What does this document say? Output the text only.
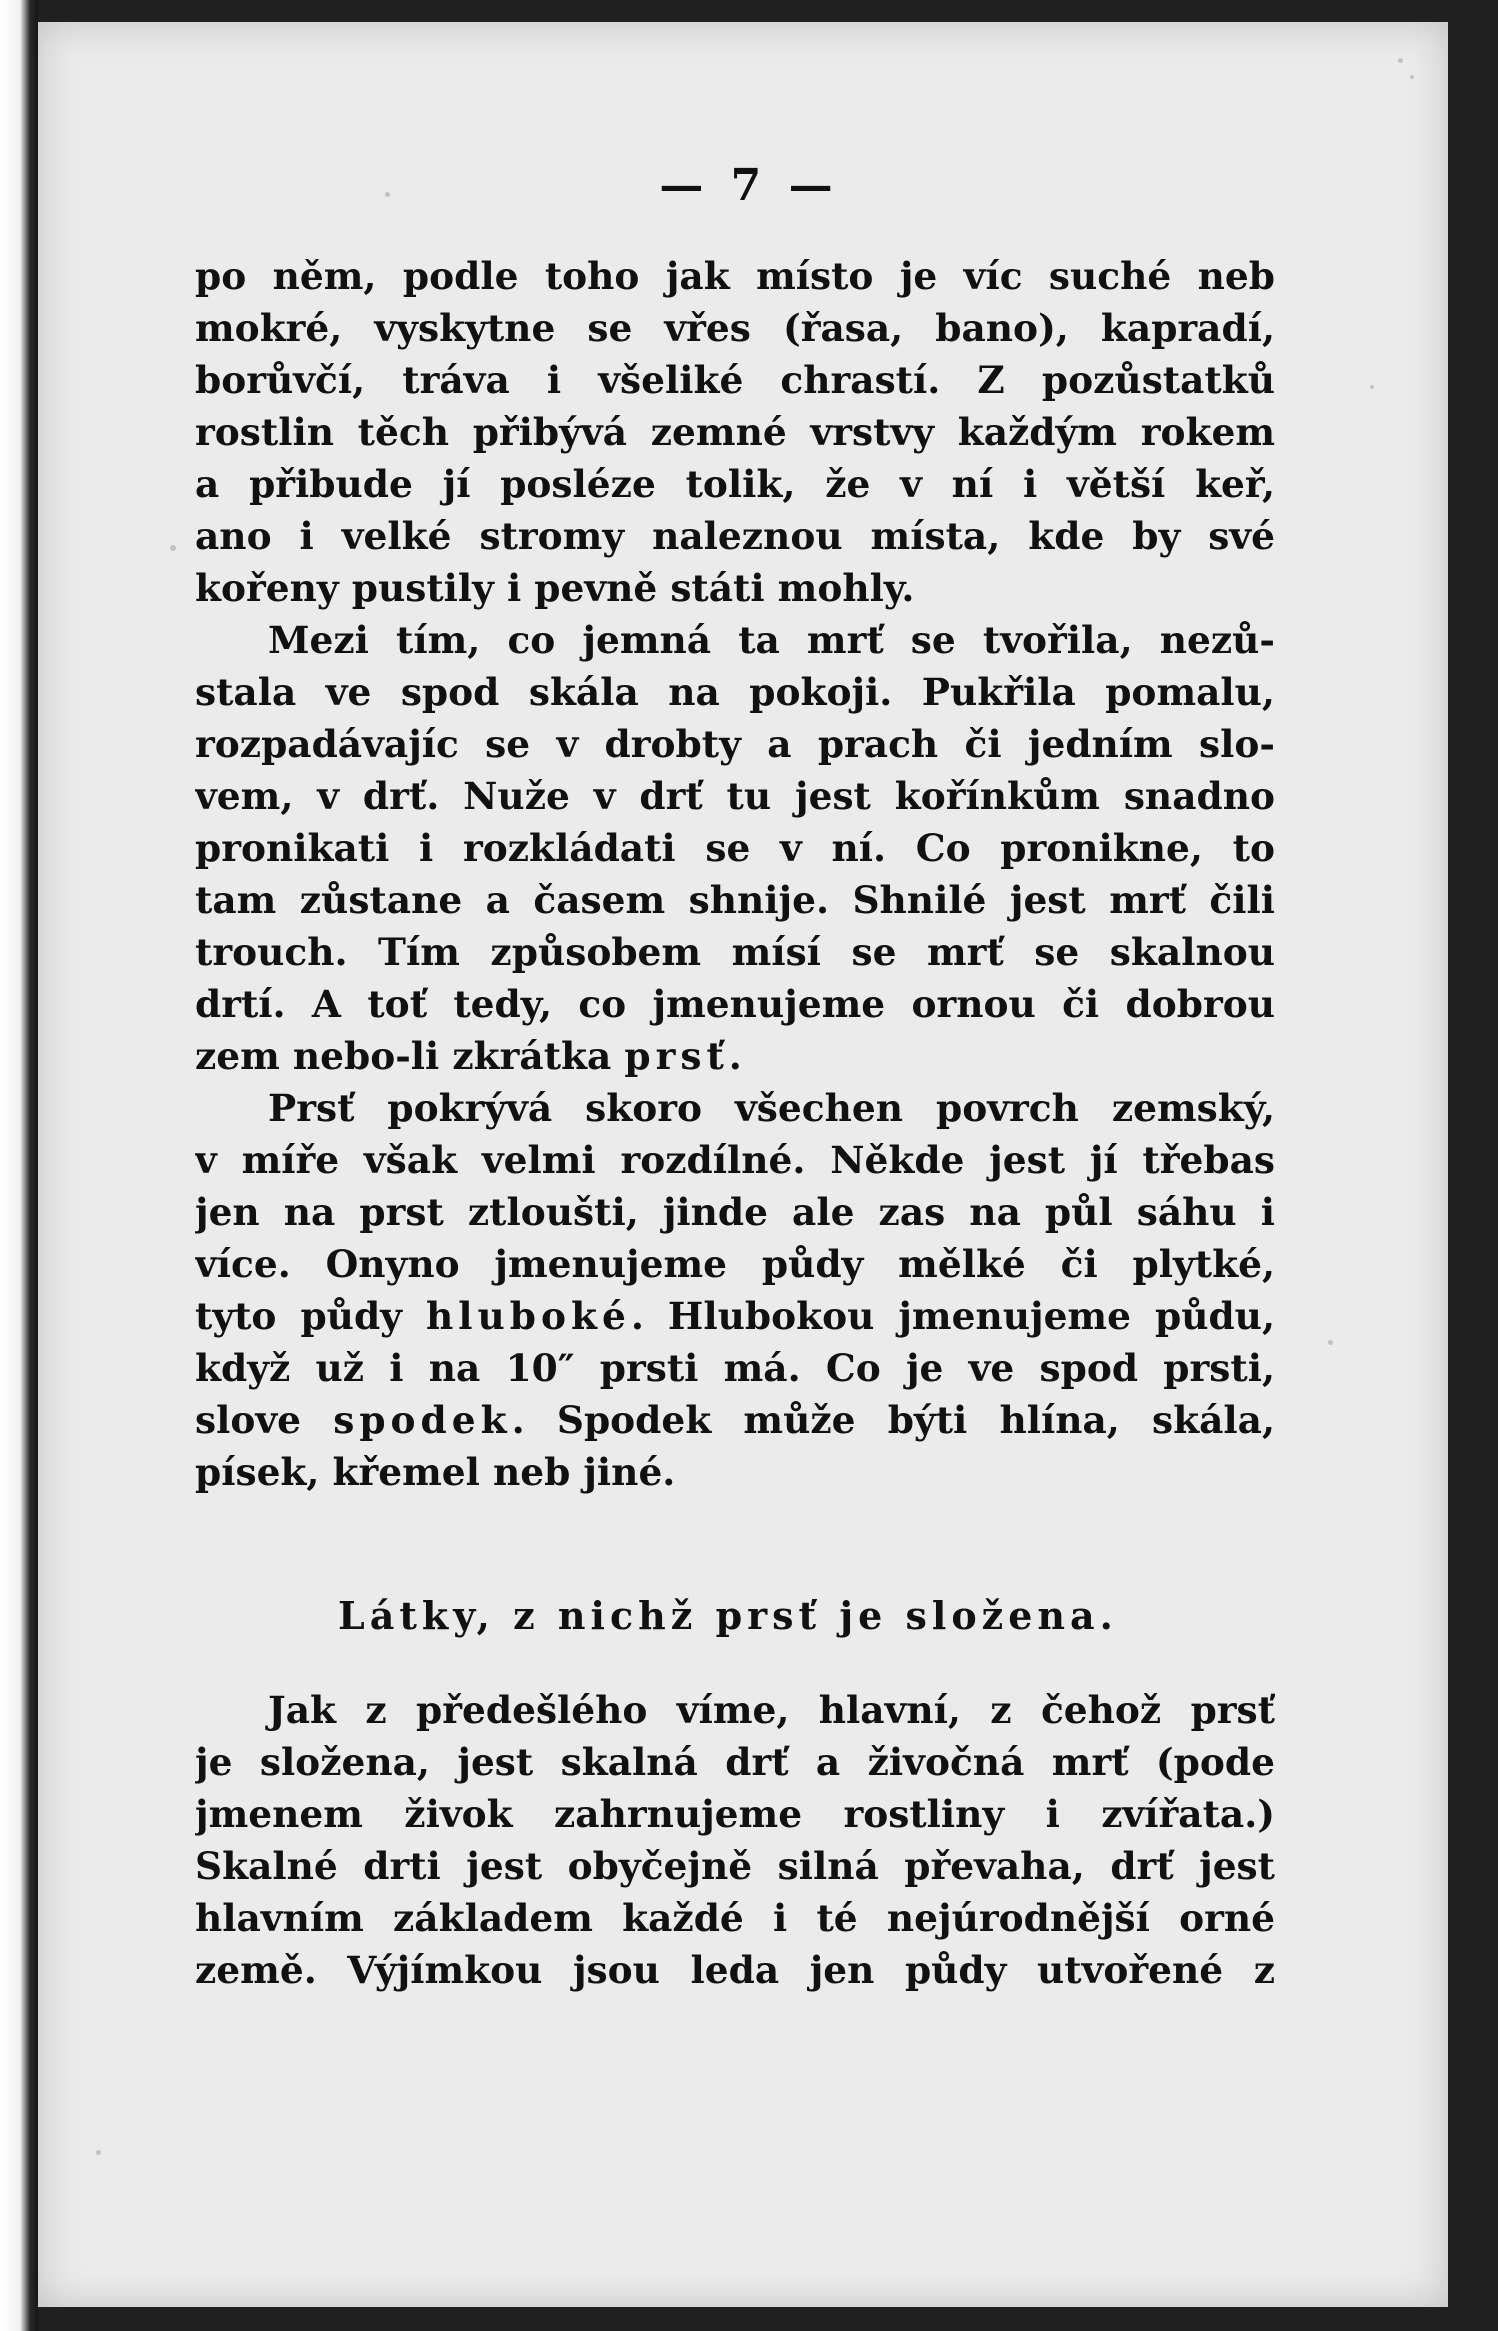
— 7 —
po něm, podle toho jak místo je víc suché neb
mokré, vyskytne se vřes (řasa, bano), kapradí,
borůvčí, tráva i všeliké chrastí. Z pozůstatků
rostlin těch přibývá zemné vrstvy každým rokem
a přibude jí posléze tolik, že v ní i větší keř,
ano i velké stromy naleznou místa, kde by své
kořeny pustily i pevně státi mohly.
Mezi tím, co jemná ta mrť se tvořila, nezů-
stala ve spod skála na pokoji. Pukřila pomalu,
rozpadávajíc se v drobty a prach či jedním slo-
vem, v drť. Nuže v drť tu jest kořínkům snadno
pronikati i rozkládati se v ní. Co pronikne, to
tam zůstane a časem shnije. Shnilé jest mrť čili
trouch. Tím způsobem mísí se mrť se skalnou
drtí. A toť tedy, co jmenujeme ornou či dobrou
zem nebo-li zkrátka prsť.
Prsť pokrývá skoro všechen povrch zemský,
v míře však velmi rozdílné. Někde jest jí třebas
jen na prst ztloušti, jinde ale zas na půl sáhu i
více. Onyno jmenujeme půdy mělké či plytké,
tyto půdy hluboké. Hlubokou jmenujeme půdu,
když už i na 10″ prsti má. Co je ve spod prsti,
slove spodek. Spodek může býti hlína, skála,
písek, křemel neb jiné.
Látky, z nichž prsť je složena.
Jak z předešlého víme, hlavní, z čehož prsť
je složena, jest skalná drť a živočná mrť (pode
jmenem živok zahrnujeme rostliny i zvířata.)
Skalné drti jest obyčejně silná převaha, drť jest
hlavním základem každé i té nejúrodnější orné
země. Výjímkou jsou leda jen půdy utvořené z
